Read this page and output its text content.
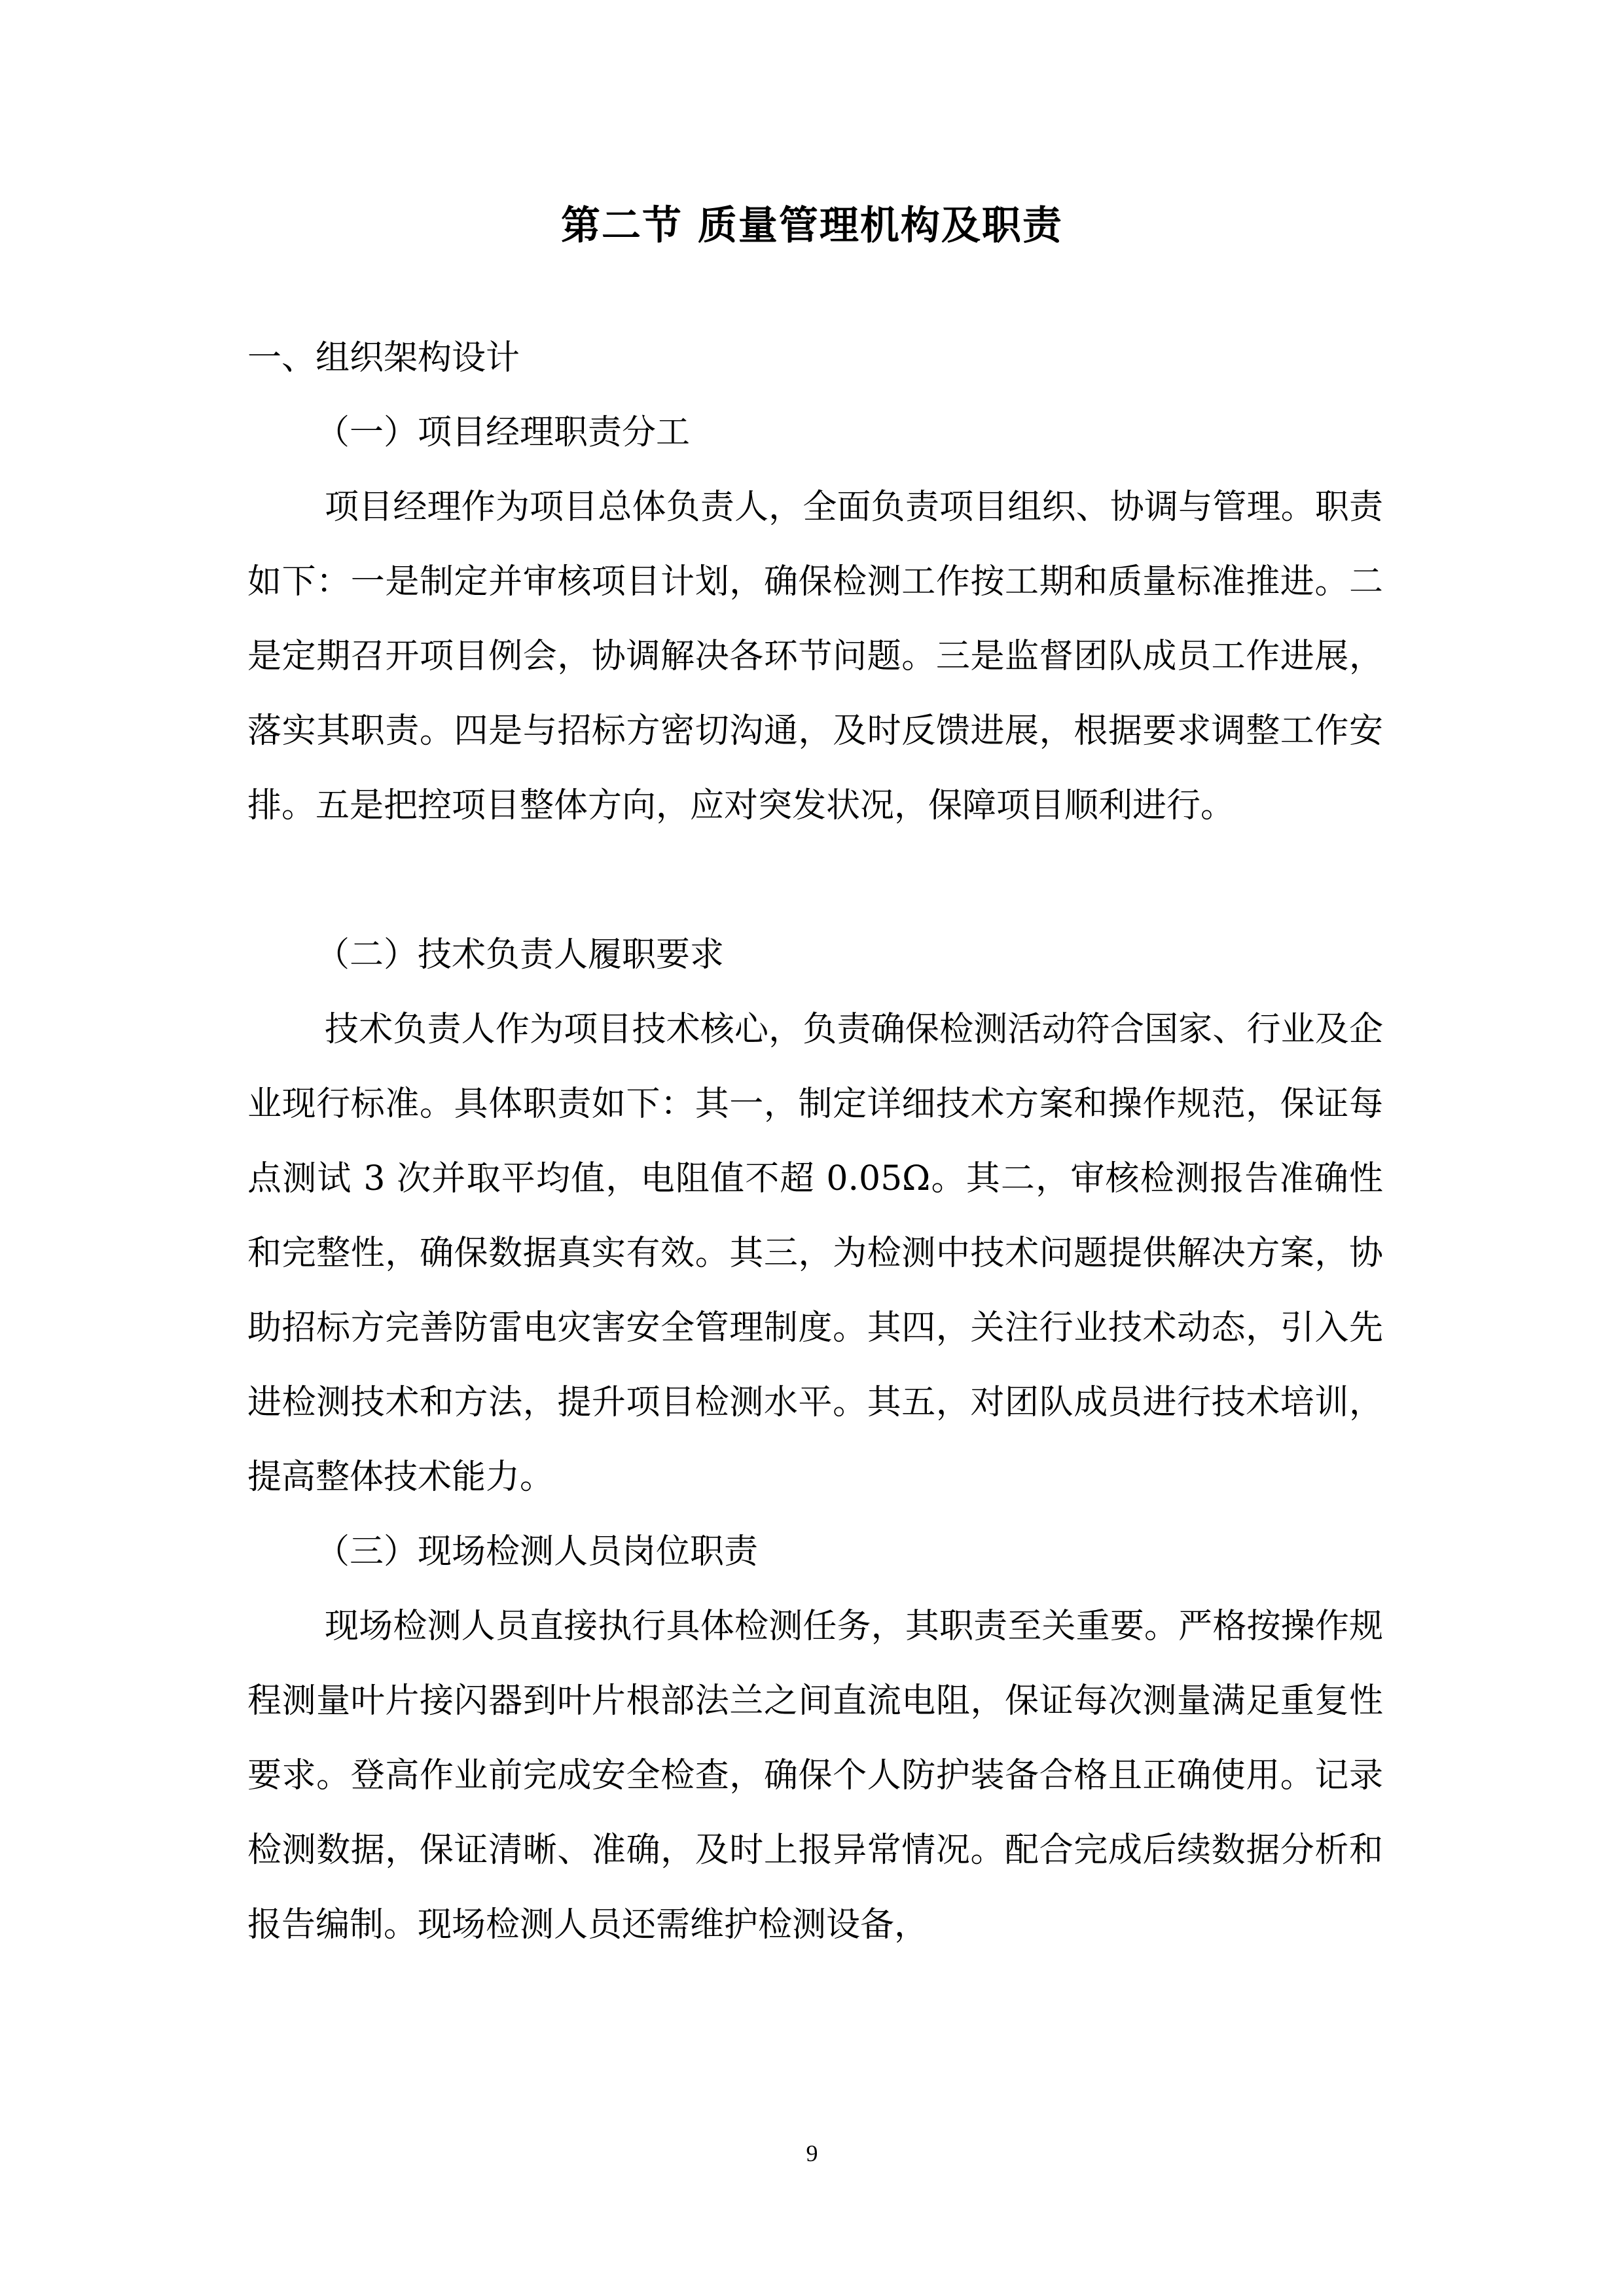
第二节 质量管理机构及职责
一、组织架构设计
（一）项目经理职责分工
项目经理作为项目总体负责人，全面负责项目组织、协调与管理。职责如下：一是制定并审核项目计划，确保检测工作按工期和质量标准推进。二是定期召开项目例会，协调解决各环节问题。三是监督团队成员工作进展，落实其职责。四是与招标方密切沟通，及时反馈进展，根据要求调整工作安排。五是把控项目整体方向，应对突发状况，保障项目顺利进行。
（二）技术负责人履职要求
技术负责人作为项目技术核心，负责确保检测活动符合国家、行业及企业现行标准。具体职责如下：其一，制定详细技术方案和操作规范，保证每点测试 3 次并取平均值，电阻值不超 0.05Ω。其二，审核检测报告准确性和完整性，确保数据真实有效。其三，为检测中技术问题提供解决方案，协助招标方完善防雷电灾害安全管理制度。其四，关注行业技术动态，引入先进检测技术和方法，提升项目检测水平。其五，对团队成员进行技术培训，提高整体技术能力。
（三）现场检测人员岗位职责
现场检测人员直接执行具体检测任务，其职责至关重要。严格按操作规程测量叶片接闪器到叶片根部法兰之间直流电阻，保证每次测量满足重复性要求。登高作业前完成安全检查，确保个人防护装备合格且正确使用。记录检测数据，保证清晰、准确，及时上报异常情况。配合完成后续数据分析和报告编制。现场检测人员还需维护检测设备，
9
